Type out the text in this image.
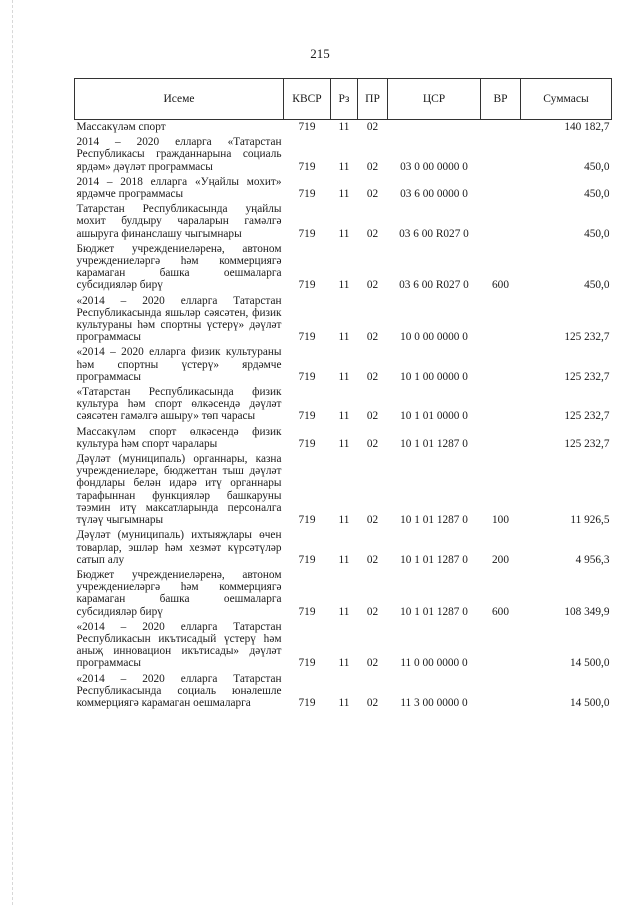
215
Исеме	КВСР	Рз	ПР	ЦСР	ВР	Суммасы
Массакүләм спорт	719	11	02			140 182,7
2014 – 2020 елларга «Татарстан Республикасы гражданнарына социаль ярдәм» дәүләт программасы	719	11	02	03 0 00 0000 0		450,0
2014 – 2018 елларга «Уңайлы мохит» ярдәмче программасы	719	11	02	03 6 00 0000 0		450,0
Татарстан Республикасында уңайлы мохит булдыру чараларын гамәлгә ашыруга финанслашу чыгымнары	719	11	02	03 6 00 R027 0		450,0
Бюджет учреждениеләренә, автоном учреждениеләргә һәм коммерциягә карамаган башка оешмаларга субсидияләр бирү	719	11	02	03 6 00 R027 0	600	450,0
«2014 – 2020 елларга Татарстан Республикасында яшьләр сәясәтен, физик культураны һәм спортны үстерү» дәүләт программасы	719	11	02	10 0 00 0000 0		125 232,7
«2014 – 2020 елларга физик культураны һәм спортны үстерү» ярдәмче программасы	719	11	02	10 1 00 0000 0		125 232,7
«Татарстан Республикасында физик культура һәм спорт өлкәсендә дәүләт сәясәтен гамәлгә ашыру» төп чарасы	719	11	02	10 1 01 0000 0		125 232,7
Массакүләм спорт өлкәсендә физик культура һәм спорт чаралары	719	11	02	10 1 01 1287 0		125 232,7
Дәүләт (муниципаль) органнары, казна учреждениеләре, бюджеттан тыш дәүләт фондлары белән идарә итү органнары тарафыннан функцияләр башкаруны тәэмин итү максатларында персоналга түләү чыгымнары	719	11	02	10 1 01 1287 0	100	11 926,5
Дәүләт (муниципаль) ихтыяҗлары өчен товарлар, эшләр һәм хезмәт күрсәтүләр сатып алу	719	11	02	10 1 01 1287 0	200	4 956,3
Бюджет учреждениеләренә, автоном учреждениеләргә һәм коммерциягә карамаган башка оешмаларга субсидияләр бирү	719	11	02	10 1 01 1287 0	600	108 349,9
«2014 – 2020 елларга Татарстан Республикасын икътисадый үстерү һәм аныҗ инновацион икътисады» дәүләт программасы	719	11	02	11 0 00 0000 0		14 500,0
«2014 – 2020 елларга Татарстан Республикасында социаль юнәлешле коммерциягә карамаган оешмаларга	719	11	02	11 3 00 0000 0		14 500,0
